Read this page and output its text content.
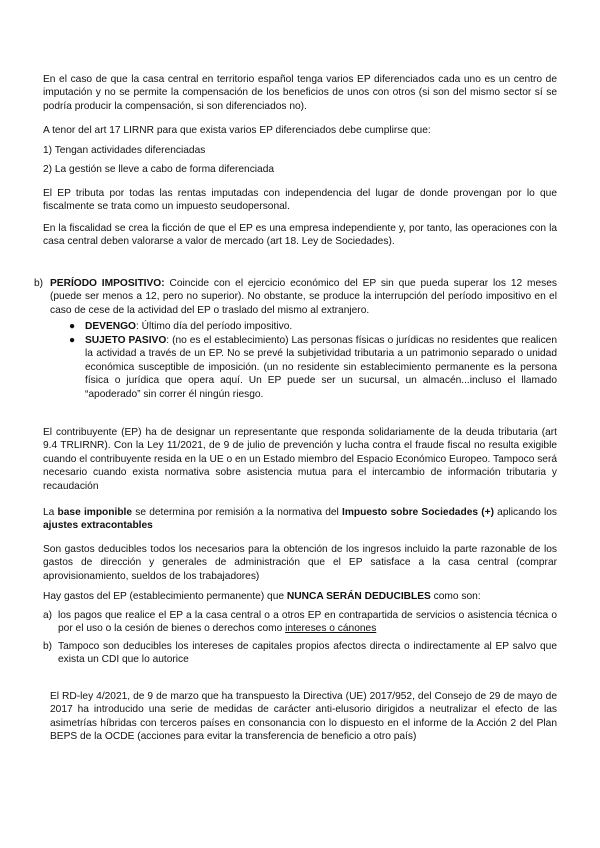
En el caso de que la casa central en territorio español tenga varios EP diferenciados cada uno es un centro de imputación y no se permite la compensación de los beneficios de unos con otros (si son del mismo sector sí se podría producir la compensación, si son diferenciados no).

A tenor del art 17 LIRNR para que exista varios EP diferenciados debe cumplirse que:

1) Tengan actividades diferenciadas

2) La gestión se lleve a cabo de forma diferenciada

El EP tributa por todas las rentas imputadas con independencia del lugar de donde provengan por lo que fiscalmente se trata como un impuesto seudopersonal.

En la fiscalidad se crea la ficción de que el EP es una empresa independiente y, por tanto, las operaciones con la casa central deben valorarse a valor de mercado (art 18. Ley de Sociedades).

b) PERÍODO IMPOSITIVO: Coincide con el ejercicio económico del EP sin que pueda superar los 12 meses (puede ser menos a 12, pero no superior). No obstante, se produce la interrupción del período impositivo en el caso de cese de la actividad del EP o traslado del mismo al extranjero.

● DEVENGO: Último día del período impositivo.

● SUJETO PASIVO: (no es el establecimiento) Las personas físicas o jurídicas no residentes que realicen la actividad a través de un EP. No se prevé la subjetividad tributaria a un patrimonio separado o unidad económica susceptible de imposición. (un no residente sin establecimiento permanente es la persona física o jurídica que opera aquí. Un EP puede ser un sucursal, un almacén...incluso el llamado “apoderado” sin correr él ningún riesgo.

El contribuyente (EP) ha de designar un representante que responda solidariamente de la deuda tributaria (art 9.4 TRLIRNR). Con la Ley 11/2021, de 9 de julio de prevención y lucha contra el fraude fiscal no resulta exigible cuando el contribuyente resida en la UE o en un Estado miembro del Espacio Económico Europeo. Tampoco será necesario cuando exista normativa sobre asistencia mutua para el intercambio de información tributaria y recaudación

La base imponible se determina por remisión a la normativa del Impuesto sobre Sociedades (+) aplicando los ajustes extracontables

Son gastos deducibles todos los necesarios para la obtención de los ingresos incluido la parte razonable de los gastos de dirección y generales de administración que el EP satisface a la casa central (comprar aprovisionamiento, sueldos de los trabajadores)

Hay gastos del EP (establecimiento permanente) que NUNCA SERÁN DEDUCIBLES como son:

a) los pagos que realice el EP a la casa central o a otros EP en contrapartida de servicios o asistencia técnica o por el uso o la cesión de bienes o derechos como intereses o cánones

b) Tampoco son deducibles los intereses de capitales propios afectos directa o indirectamente al EP salvo que exista un CDI que lo autorice

El RD-ley 4/2021, de 9 de marzo que ha transpuesto la Directiva (UE) 2017/952, del Consejo de 29 de mayo de 2017 ha introducido una serie de medidas de carácter anti-elusorio dirigidos a neutralizar el efecto de las asimetrías híbridas con terceros países en consonancia con lo dispuesto en el informe de la Acción 2 del Plan BEPS de la OCDE (acciones para evitar la transferencia de beneficio a otro país)
